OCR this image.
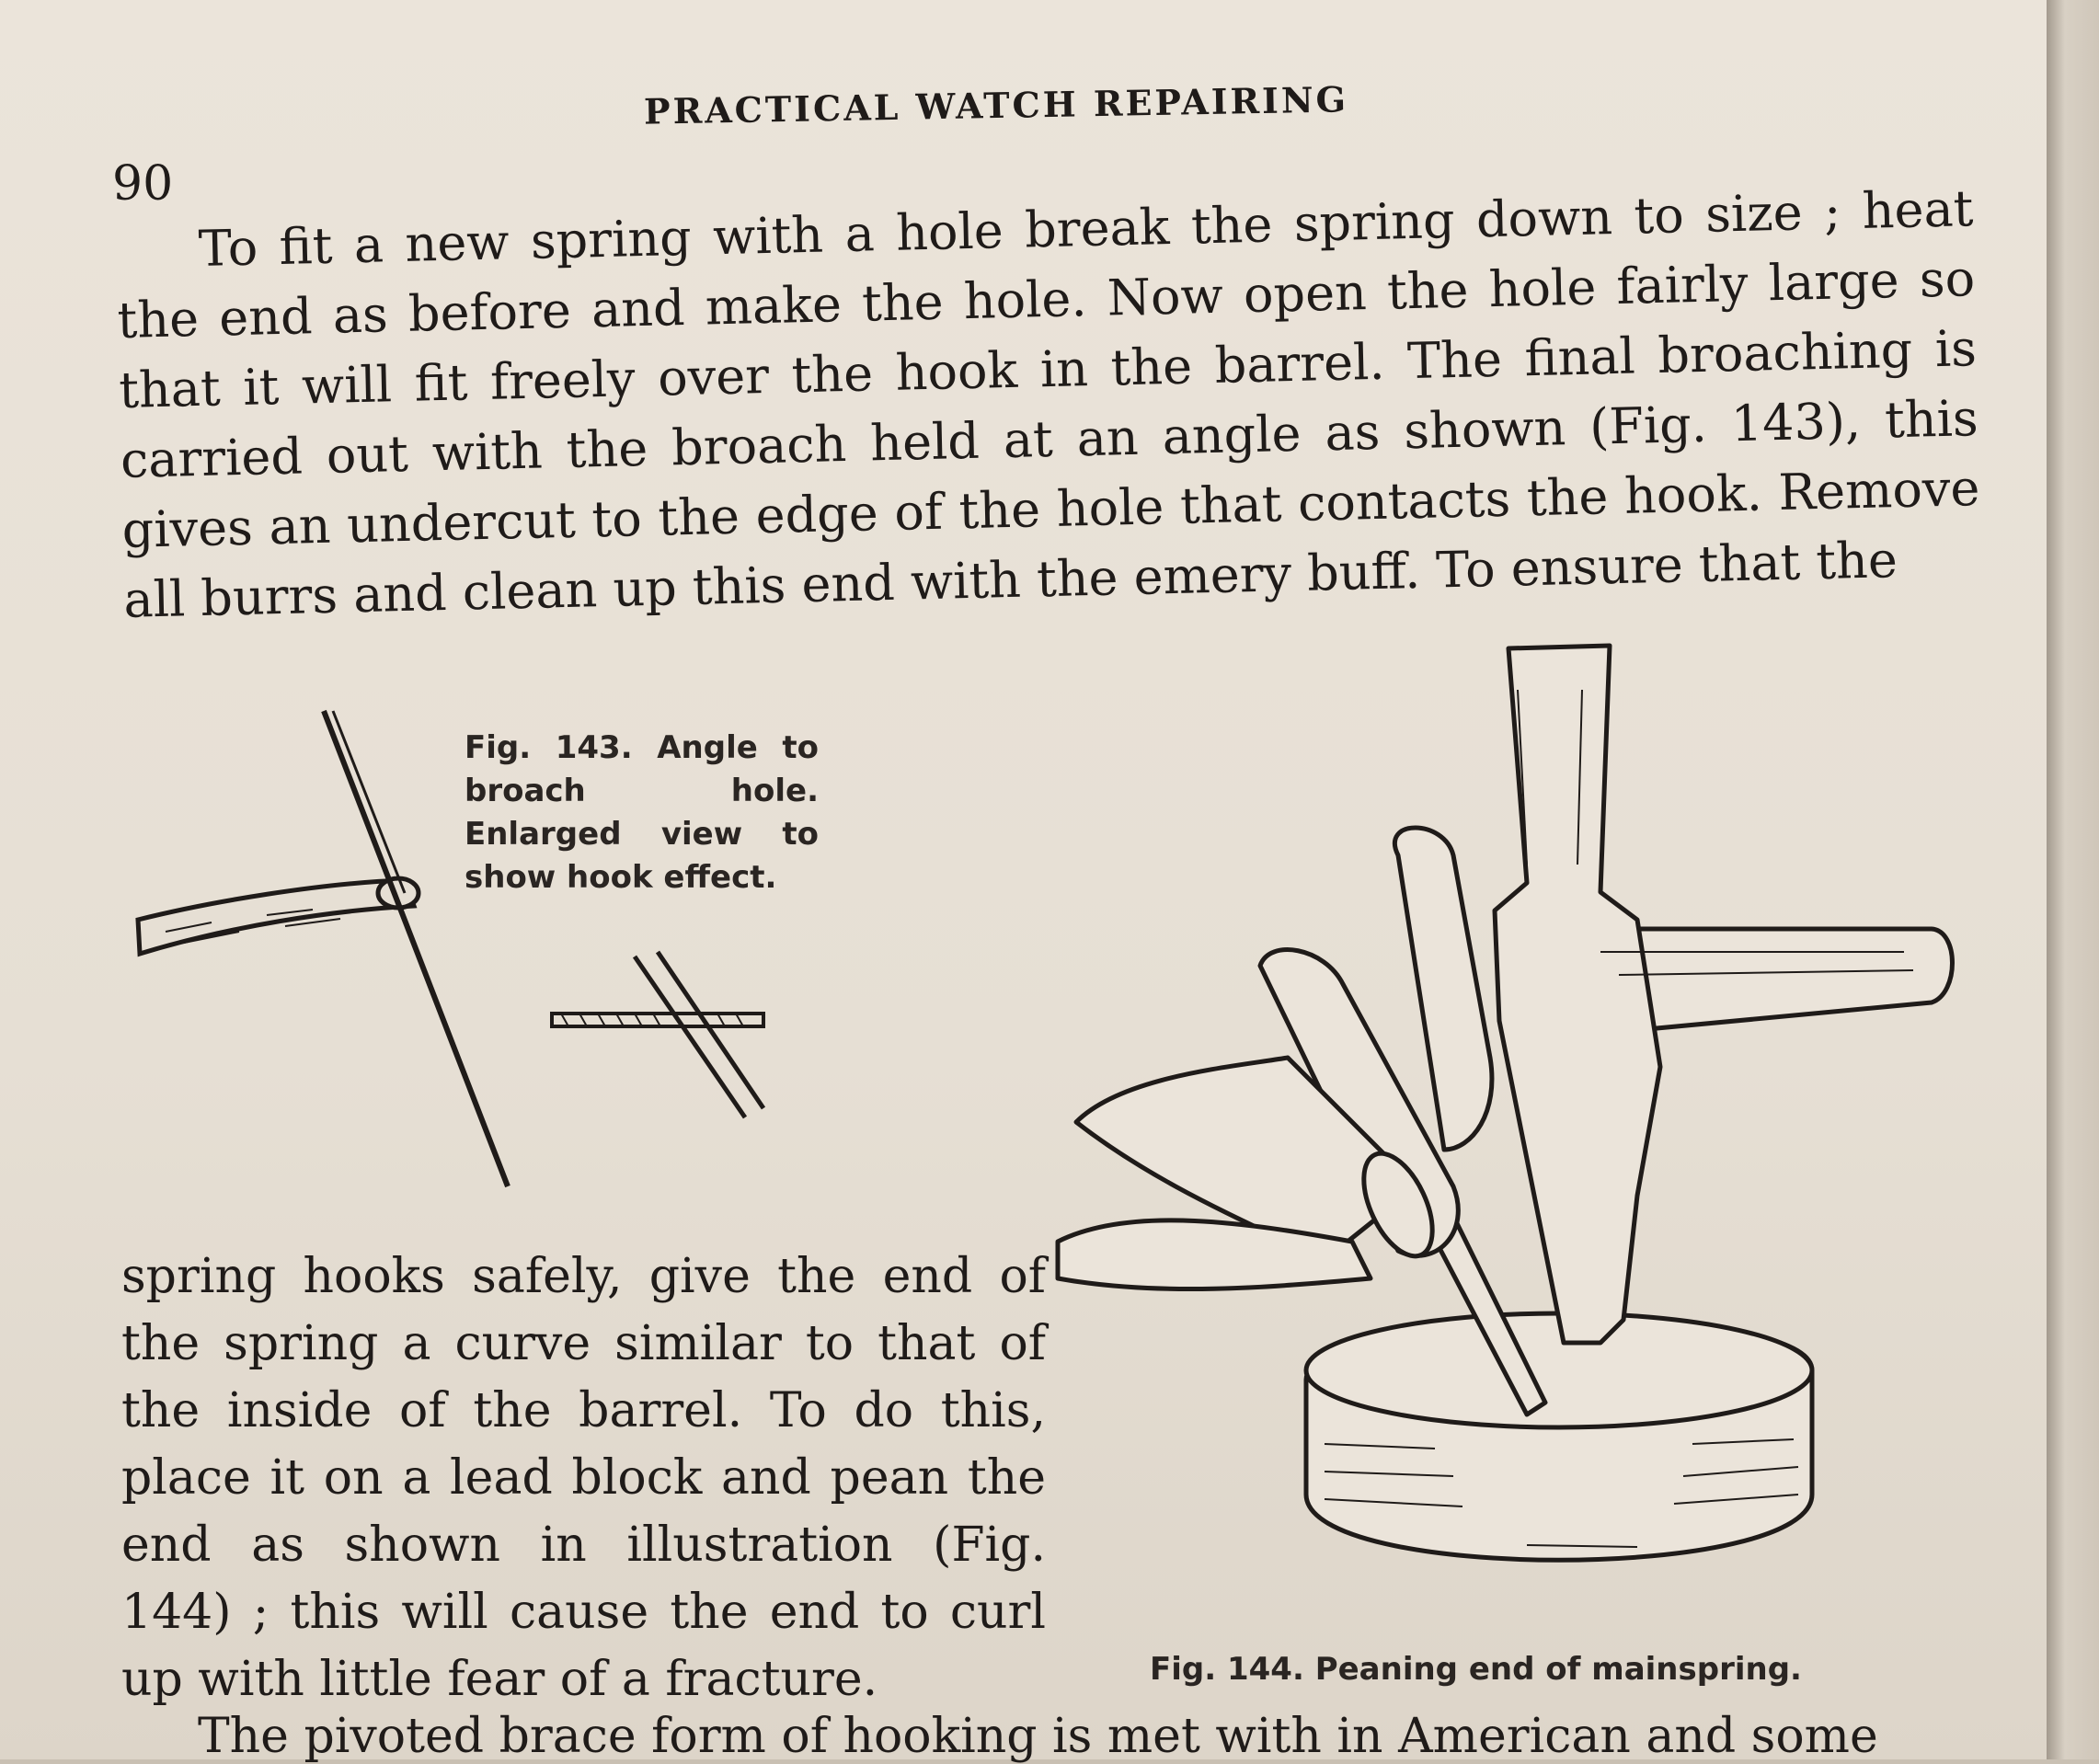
PRACTICAL WATCH REPAIRING
90 To fit a new spring with a hole break the spring down to size ; heat the end as before and make the hole. Now open the hole fairly large so that it will fit freely over the hook in the barrel. The final broaching is carried out with the broach held at an angle as shown (Fig. 143), this gives an undercut to the edge of the hole that contacts the hook. Remove all burrs and clean up this end with the emery buff. To ensure that the

Fig. 143. Angle to broach hole. Enlarged view to show hook effect.
Fig. 144. Peaning end of mainspring.

spring hooks safely, give the end of the spring a curve similar to that of the inside of the barrel. To do this, place it on a lead block and pean the end as shown in illustration (Fig. 144) ; this will cause the end to curl up with little fear of a fracture.

The pivoted brace form of hooking is met with in American and some
